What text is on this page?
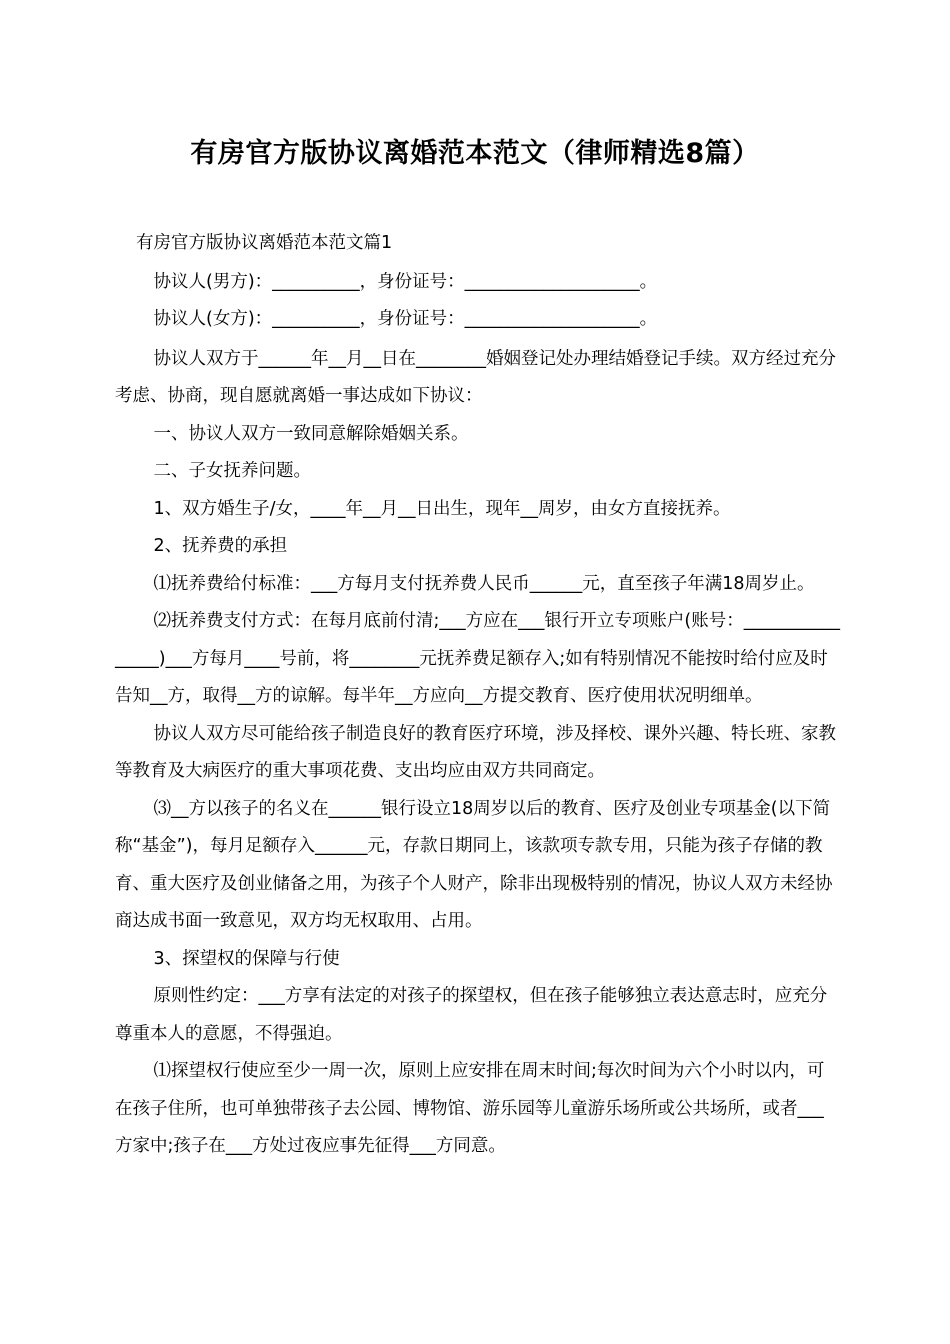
有房官方版协议离婚范本范文（律师精选8篇）

有房官方版协议离婚范本范文篇1

协议人(男方)：__________，身份证号：____________________。

协议人(女方)：__________，身份证号：____________________。

协议人双方于______年__月__日在________婚姻登记处办理结婚登记手续。双方经过充分考虑、协商，现自愿就离婚一事达成如下协议：

一、协议人双方一致同意解除婚姻关系。

二、子女抚养问题。

1、双方婚生子/女，____年__月__日出生，现年__周岁，由女方直接抚养。

2、抚养费的承担

⑴抚养费给付标准：___方每月支付抚养费人民币______元，直至孩子年满18周岁止。

⑵抚养费支付方式：在每月底前付清;___方应在___银行开立专项账户(账号：________________)___方每月____号前，将________元抚养费足额存入;如有特别情况不能按时给付应及时告知__方，取得__方的谅解。每半年__方应向__方提交教育、医疗使用状况明细单。

协议人双方尽可能给孩子制造良好的教育医疗环境，涉及择校、课外兴趣、特长班、家教等教育及大病医疗的重大事项花费、支出均应由双方共同商定。

⑶__方以孩子的名义在______银行设立18周岁以后的教育、医疗及创业专项基金(以下简称“基金”)，每月足额存入______元，存款日期同上，该款项专款专用，只能为孩子存储的教育、重大医疗及创业储备之用，为孩子个人财产，除非出现极特别的情况，协议人双方未经协商达成书面一致意见，双方均无权取用、占用。

3、探望权的保障与行使

原则性约定：___方享有法定的对孩子的探望权，但在孩子能够独立表达意志时，应充分尊重本人的意愿，不得强迫。

⑴探望权行使应至少一周一次，原则上应安排在周末时间;每次时间为六个小时以内，可在孩子住所，也可单独带孩子去公园、博物馆、游乐园等儿童游乐场所或公共场所，或者___方家中;孩子在___方处过夜应事先征得___方同意。
